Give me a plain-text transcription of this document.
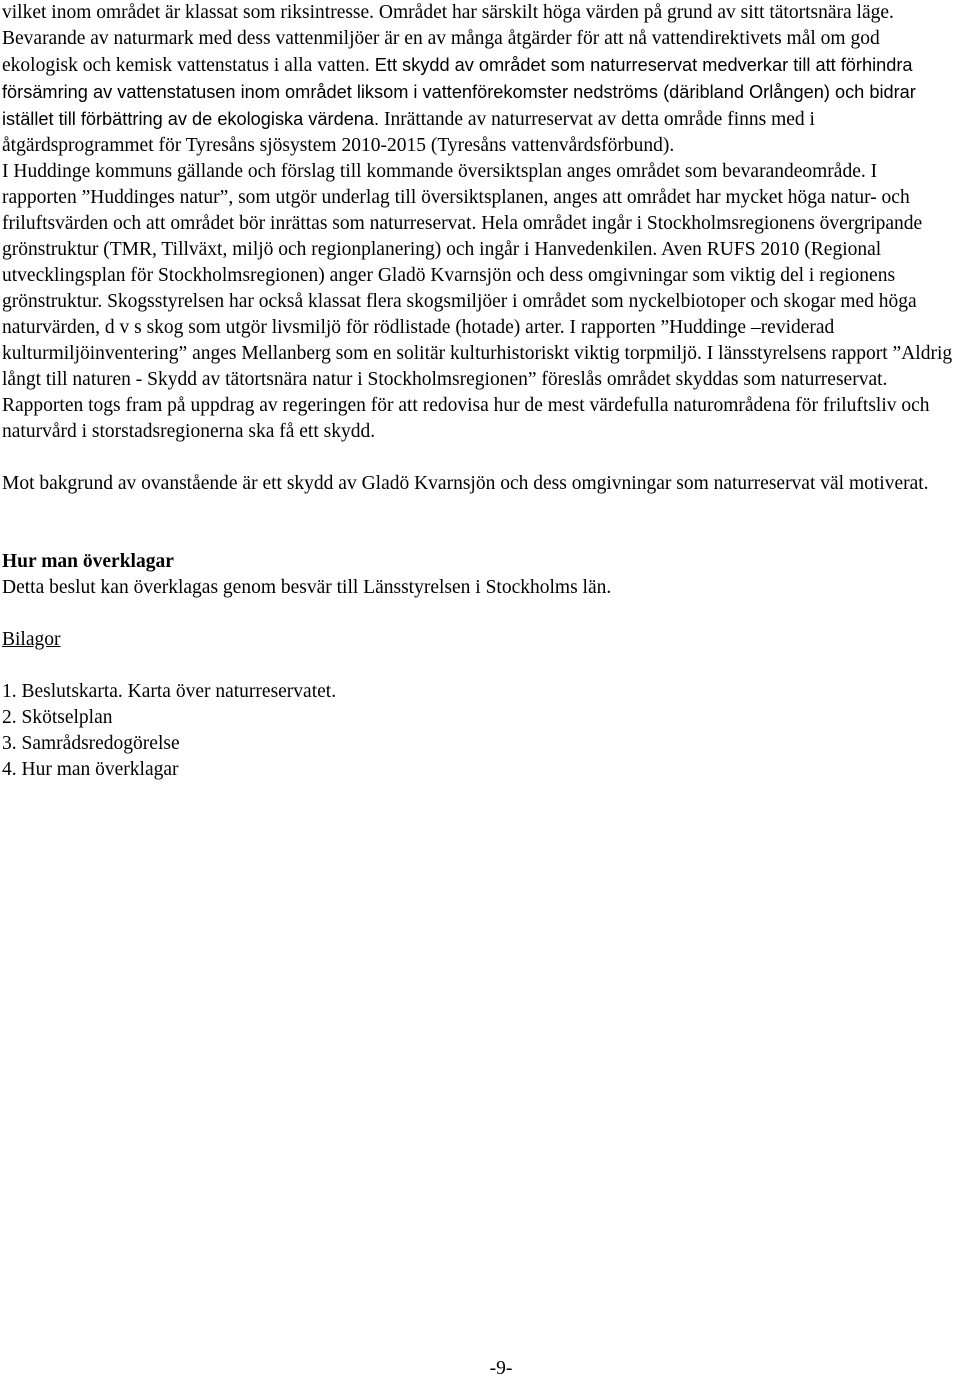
vilket inom området är klassat som riksintresse. Området har särskilt höga värden på grund av sitt tätortsnära läge.

Bevarande av naturmark med dess vattenmiljöer är en av många åtgärder för att nå vattendirektivets mål om god ekologisk och kemisk vattenstatus i alla vatten. Ett skydd av området som naturreservat medverkar till att förhindra försämring av vattenstatusen inom området liksom i vattenförekomster nedströms (däribland Orlången) och bidrar istället till förbättring av de ekologiska värdena. Inrättande av naturreservat av detta område finns med i åtgärdsprogrammet för Tyresåns sjösystem 2010-2015 (Tyresåns vattenvårdsförbund).

I Huddinge kommuns gällande och förslag till kommande översiktsplan anges området som bevarandeområde. I rapporten ”Huddinges natur”, som utgör underlag till översiktsplanen, anges att området har mycket höga natur- och friluftsvärden och att området bör inrättas som naturreservat. Hela området ingår i Stockholmsregionens övergripande grönstruktur (TMR, Tillväxt, miljö och regionplanering) och ingår i Hanvedenkilen. Aven RUFS 2010 (Regional utvecklingsplan för Stockholmsregionen) anger Gladö Kvarnsjön och dess omgivningar som viktig del i regionens grönstruktur. Skogsstyrelsen har också klassat flera skogsmiljöer i området som nyckelbiotoper och skogar med höga naturvärden, d v s skog som utgör livsmiljö för rödlistade (hotade) arter. I rapporten ”Huddinge –reviderad kulturmiljöinventering” anges Mellanberg som en solitär kulturhistoriskt viktig torpmiljö. I länsstyrelsens rapport ”Aldrig långt till naturen - Skydd av tätortsnära natur i Stockholmsregionen” föreslås området skyddas som naturreservat. Rapporten togs fram på uppdrag av regeringen för att redovisa hur de mest värdefulla naturområdena för friluftsliv och naturvård i storstadsregionerna ska få ett skydd.

Mot bakgrund av ovanstående är ett skydd av Gladö Kvarnsjön och dess omgivningar som naturreservat väl motiverat.

Hur man överklagar

Detta beslut kan överklagas genom besvär till Länsstyrelsen i Stockholms län.

Bilagor

1. Beslutskarta. Karta över naturreservatet.
2. Skötselplan
3. Samrådsredogörelse
4. Hur man överklagar
-9-
